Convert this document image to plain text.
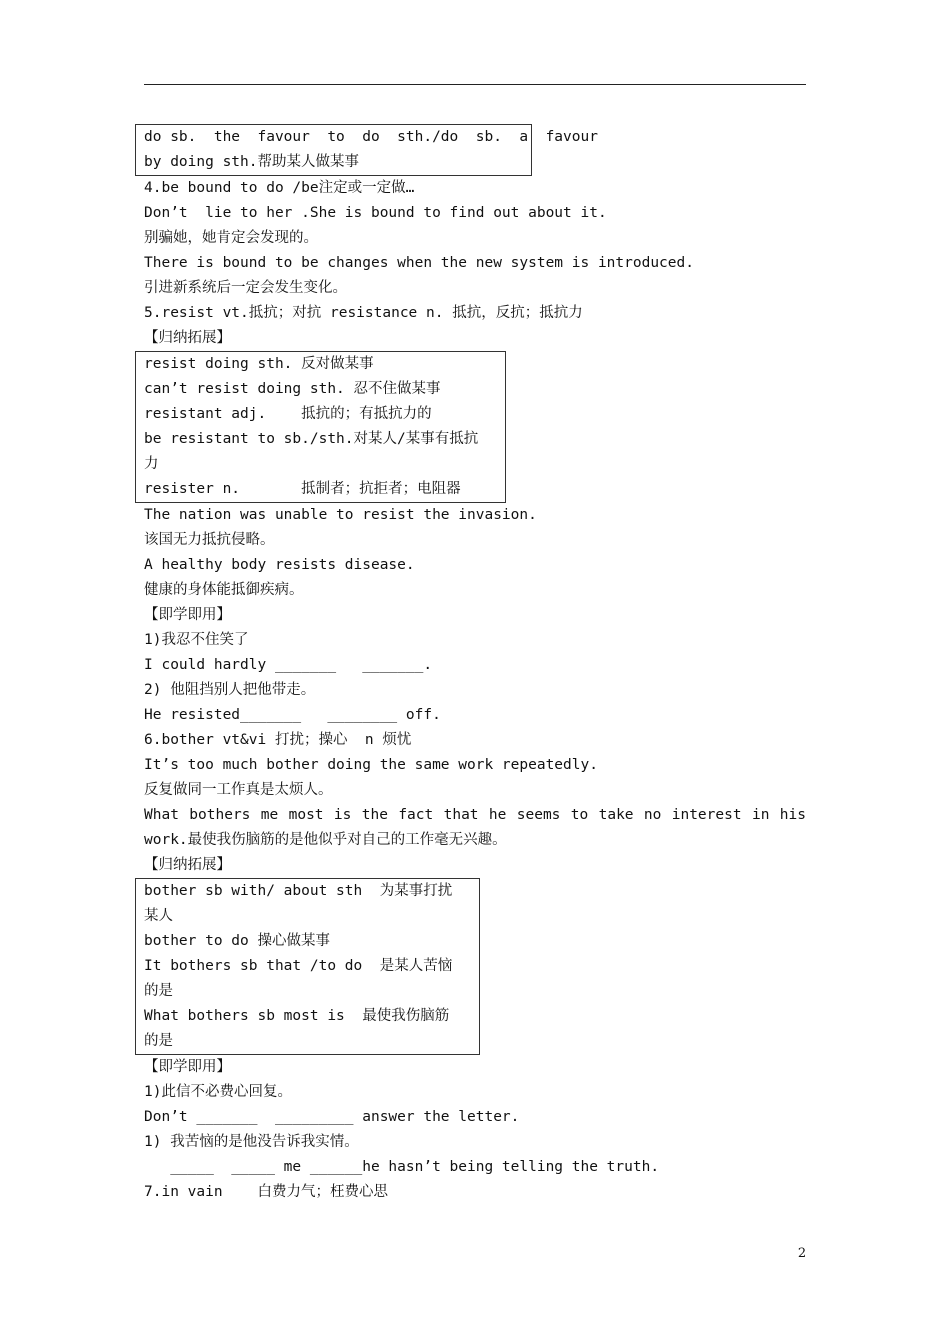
do sb.  the  favour  to  do  sth./do  sb.  a  favour
by doing sth.帮助某人做某事
4.be bound to do /be注定或一定做…
Don’t  lie to her .She is bound to find out about it.
别骗她，她肯定会发现的。
There is bound to be changes when the new system is introduced.
引进新系统后一定会发生变化。
5.resist vt.抵抗；对抗 resistance n. 抵抗，反抗；抵抗力
【归纳拓展】
resist doing sth. 反对做某事
can’t resist doing sth. 忍不住做某事
resistant adj.    抵抗的；有抵抗力的
be resistant to sb./sth.对某人/某事有抵抗
力
resister n.       抵制者；抗拒者；电阻器
The nation was unable to resist the invasion.
该国无力抵抗侵略。
A healthy body resists disease.
健康的身体能抵御疾病。
【即学即用】
1)我忍不住笑了
I could hardly _______   _______.
2) 他阻挡别人把他带走。
He resisted_______   ________ off.
6.bother vt&vi 打扰；操心  n 烦忧
It’s too much bother doing the same work repeatedly.
反复做同一工作真是太烦人。
What bothers me most is the fact that he seems to take no interest in his
work.最使我伤脑筋的是他似乎对自己的工作毫无兴趣。
【归纳拓展】
bother sb with/ about sth  为某事打扰
某人
bother to do 操心做某事
It bothers sb that /to do  是某人苦恼
的是
What bothers sb most is  最使我伤脑筋
的是
【即学即用】
1)此信不必费心回复。
Don’t _______  _________ answer the letter.
1) 我苦恼的是他没告诉我实情。
_____  _____ me ______he hasn’t being telling the truth.
7.in vain    白费力气；枉费心思
2
